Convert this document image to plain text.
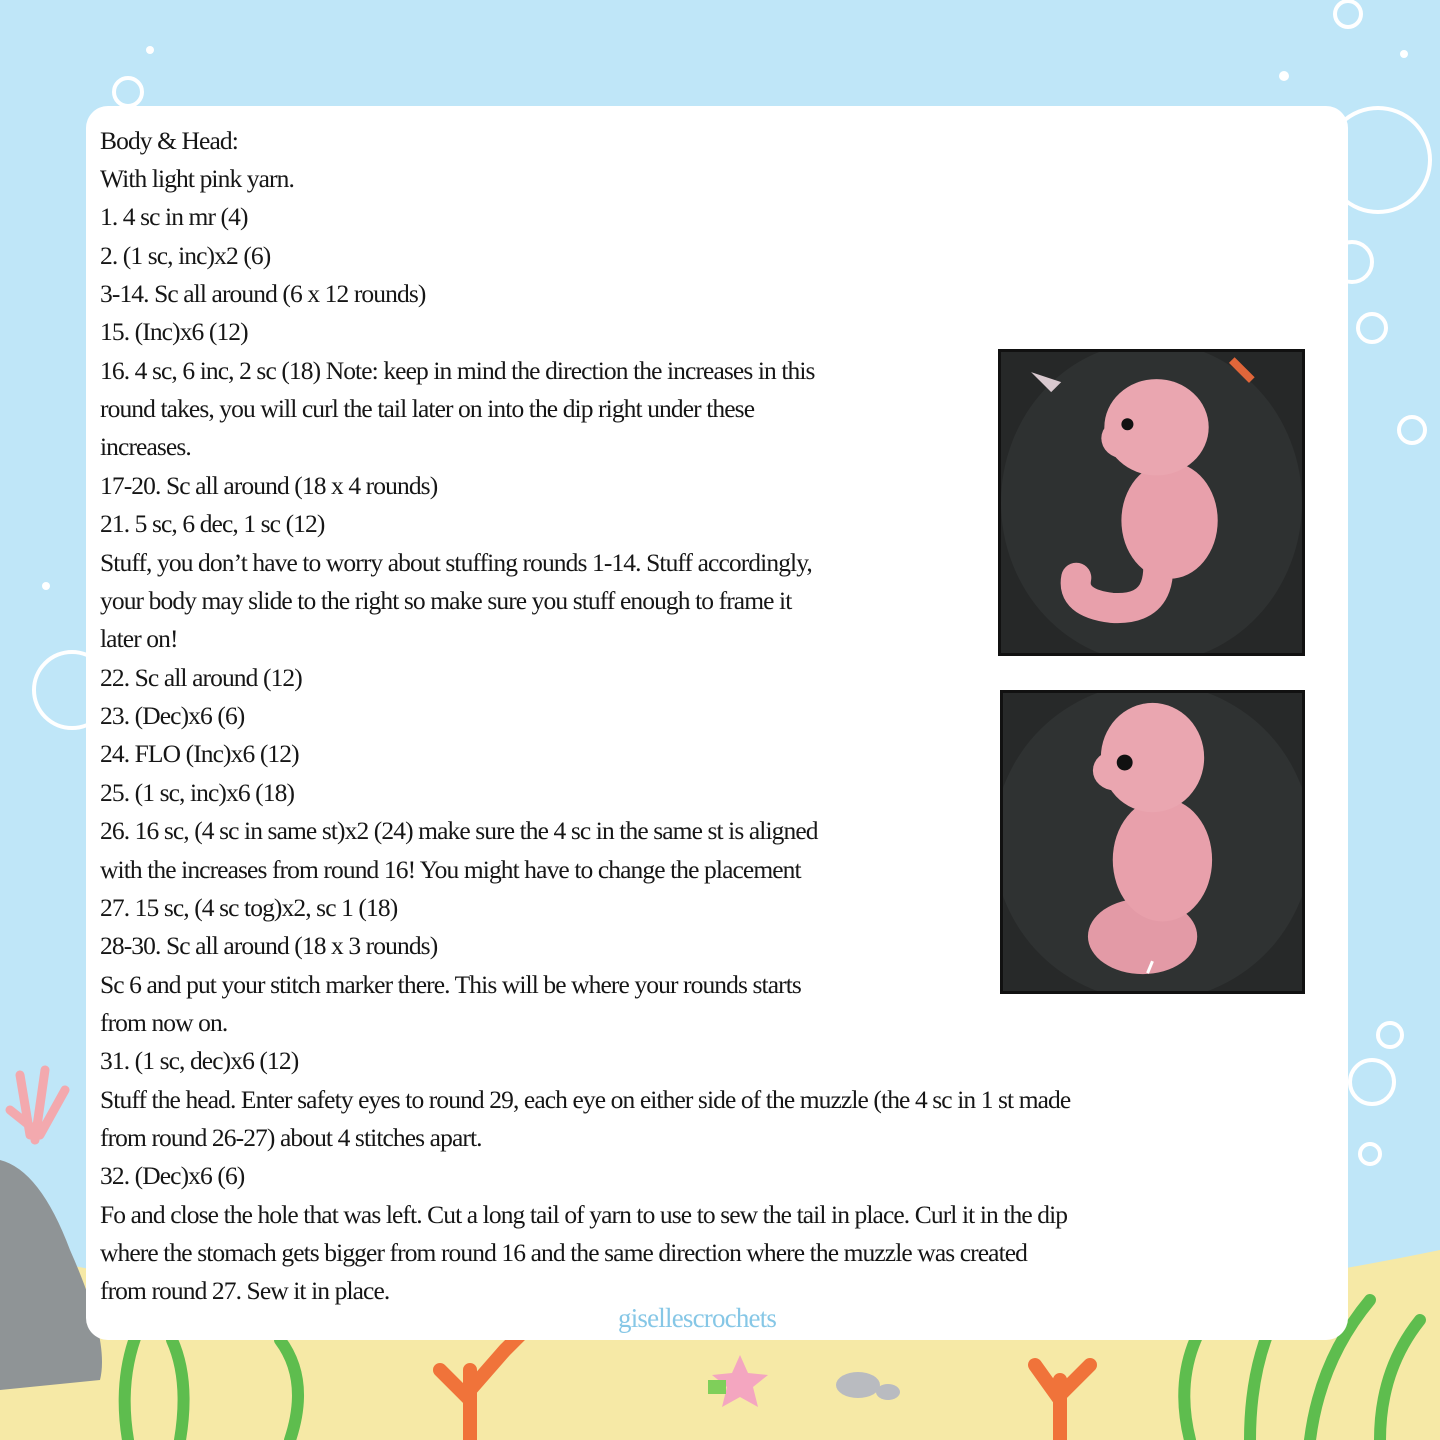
Body & Head:
With light pink yarn.
1. 4 sc in mr (4)
2. (1 sc, inc)x2 (6)
3-14. Sc all around (6 x 12 rounds)
15. (Inc)x6 (12)
16. 4 sc, 6 inc, 2 sc (18) Note: keep in mind the direction the increases in this
round takes, you will curl the tail later on into the dip right under these
increases.
17-20. Sc all around (18 x 4 rounds)
21. 5 sc, 6 dec, 1 sc (12)
Stuff, you don’t have to worry about stuffing rounds 1-14. Stuff accordingly,
your body may slide to the right so make sure you stuff enough to frame it
later on!
22. Sc all around (12)
23. (Dec)x6 (6)
24. FLO (Inc)x6 (12)
25. (1 sc, inc)x6 (18)
26. 16 sc, (4 sc in same st)x2 (24) make sure the 4 sc in the same st is aligned
with the increases from round 16! You might have to change the placement
27. 15 sc, (4 sc tog)x2, sc 1 (18)
28-30. Sc all around (18 x 3 rounds)
Sc 6 and put your stitch marker there. This will be where your rounds starts
from now on.
31. (1 sc, dec)x6 (12)
Stuff the head. Enter safety eyes to round 29, each eye on either side of the muzzle (the 4 sc in 1 st made
from round 26-27) about 4 stitches apart.
32. (Dec)x6 (6)
Fo and close the hole that was left. Cut a long tail of yarn to use to sew the tail in place. Curl it in the dip
where the stomach gets bigger from round 16 and the same direction where the muzzle was created
from round 27. Sew it in place.
gisellescrochets
